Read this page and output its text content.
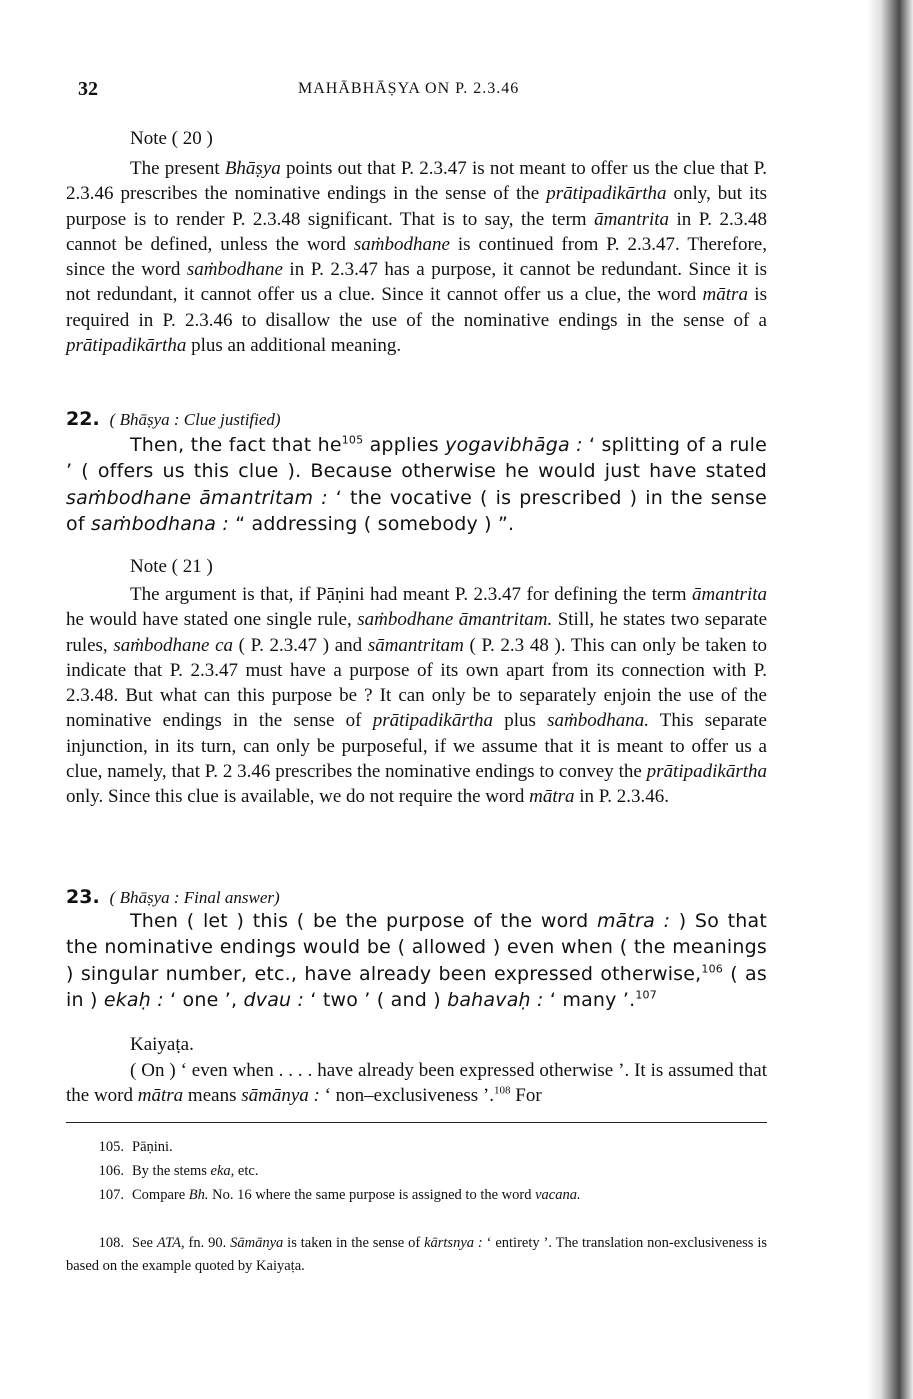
32	MAHĀBHĀṢYA ON P. 2.3.46
Note ( 20 )

The present Bhāṣya points out that P. 2.3.47 is not meant to offer us the clue that P. 2.3.46 prescribes the nominative endings in the sense of the prātipadikārtha only, but its purpose is to render P. 2.3.48 significant. That is to say, the term āmantrita in P. 2.3.48 cannot be defined, unless the word saṁbodhane is continued from P. 2.3.47. Therefore, since the word saṁbodhane in P. 2.3.47 has a purpose, it cannot be redundant. Since it is not redundant, it cannot offer us a clue. Since it cannot offer us a clue, the word mātra is required in P. 2.3.46 to disallow the use of the nominative endings in the sense of a prātipadikārtha plus an additional meaning.

22. ( Bhāṣya : Clue justified)

Then, the fact that $he^{105}$ applies yogavibhāga : ‘ splitting of a rule ’ ( offers us this clue ). Because otherwise he would just have stated saṁbodhane āmantritam : ‘ the vocative ( is prescribed ) in the sense of saṁbodhana : “ addressing ( somebody ) ”.

Note ( 21 )

The argument is that, if Pāṇini had meant P. 2.3.47 for defining the term āmantrita he would have stated one single rule, saṁbodhane āmantritam. Still, he states two separate rules, saṁbodhane ca ( P. 2.3.47 ) and sāmantritam ( P. 2.3 48 ). This can only be taken to indicate that P. 2.3.47 must have a purpose of its own apart from its connection with P. 2.3.48. But what can this purpose be ? It can only be to separately enjoin the use of the nominative endings in the sense of prātipadikārtha plus saṁbodhana. This separate injunction, in its turn, can only be purposeful, if we assume that it is meant to offer us a clue, namely, that P. 2 3.46 prescribes the nominative endings to convey the prātipadikārtha only. Since this clue is available, we do not require the word mātra in P. 2.3.46.

23. ( Bhāṣya : Final answer)

Then ( let ) this ( be the purpose of the word mātra : ) So that the nominative endings would be ( allowed ) even when ( the meanings ) singular number, etc., have already been expressed otherwise,$^{106}$ ( as in ) ekaḥ : ‘ one ’, dvau : ‘ two ’ ( and ) bahavaḥ : ‘ many ’.$^{107}$

Kaiyaṭa.

( On ) ‘ even when . . . . have already been expressed otherwise ’. It is assumed that the word mātra means sāmānya : ‘ non–exclusiveness ’.$^{108}$ For

105. Pāṇini.

106. By the stems eka, etc.

107. Compare Bh. No. 16 where the same purpose is assigned to the word vacana.

108. See ATA, fn. 90. Sāmānya is taken in the sense of kārtsnya : ‘ entirety ’. The translation non-exclusiveness is based on the example quoted by Kaiyaṭa.
